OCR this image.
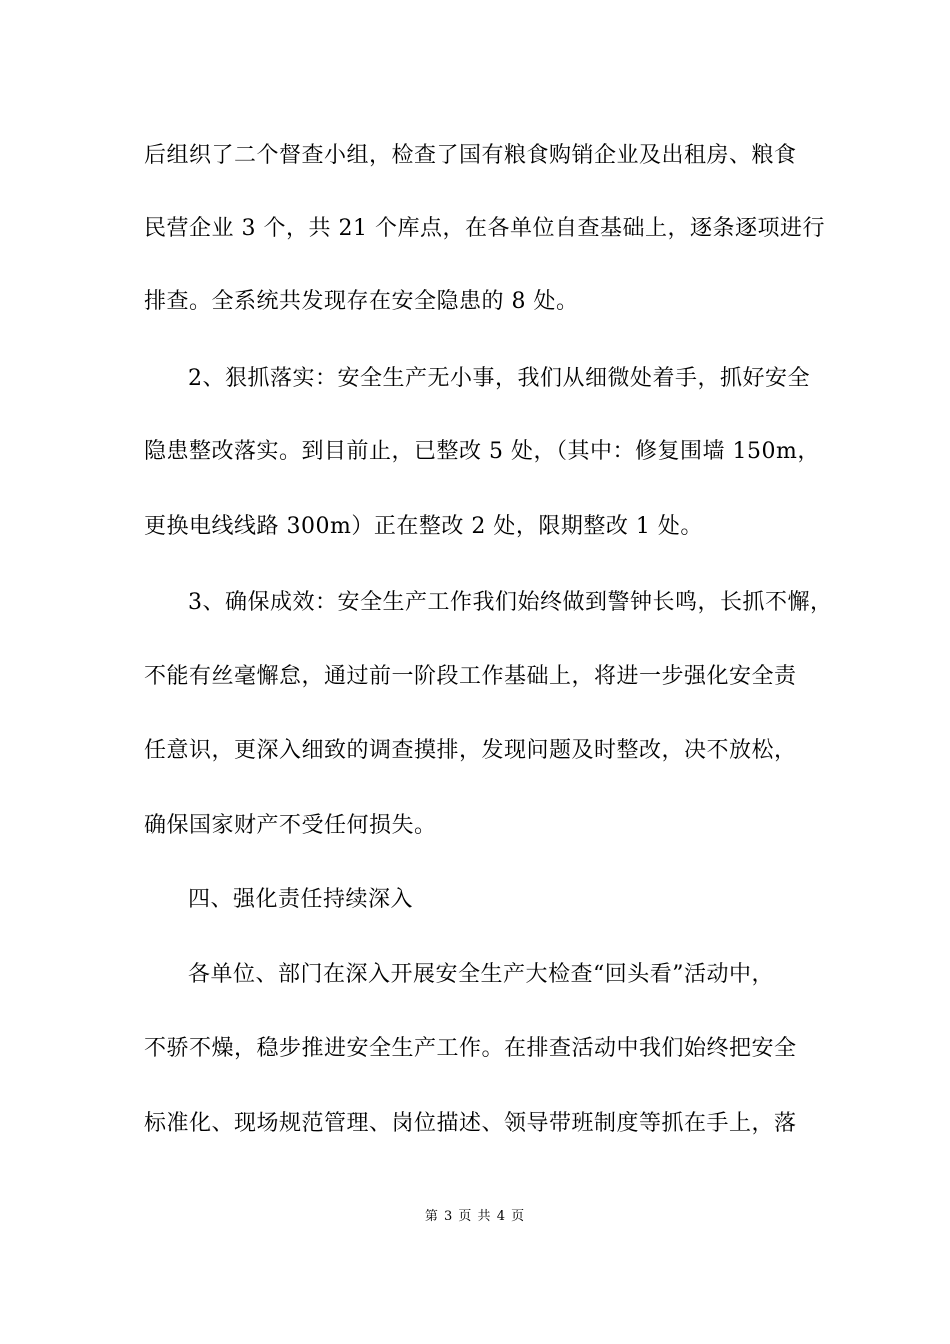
后组织了二个督查小组，检查了国有粮食购销企业及出租房、粮食
民营企业 3 个，共 21 个库点，在各单位自查基础上，逐条逐项进行
排查。全系统共发现存在安全隐患的 8 处。
2、狠抓落实：安全生产无小事，我们从细微处着手，抓好安全
隐患整改落实。到目前止，已整改 5 处，（其中：修复围墙 150m，
更换电线线路 300m）正在整改 2 处，限期整改 1 处。
3、确保成效：安全生产工作我们始终做到警钟长鸣，长抓不懈，
不能有丝毫懈怠，通过前一阶段工作基础上，将进一步强化安全责
任意识，更深入细致的调查摸排，发现问题及时整改，决不放松，
确保国家财产不受任何损失。
四、强化责任持续深入
各单位、部门在深入开展安全生产大检查“回头看”活动中，
不骄不燥，稳步推进安全生产工作。在排查活动中我们始终把安全
标准化、现场规范管理、岗位描述、领导带班制度等抓在手上，落
第 3 页 共 4 页
